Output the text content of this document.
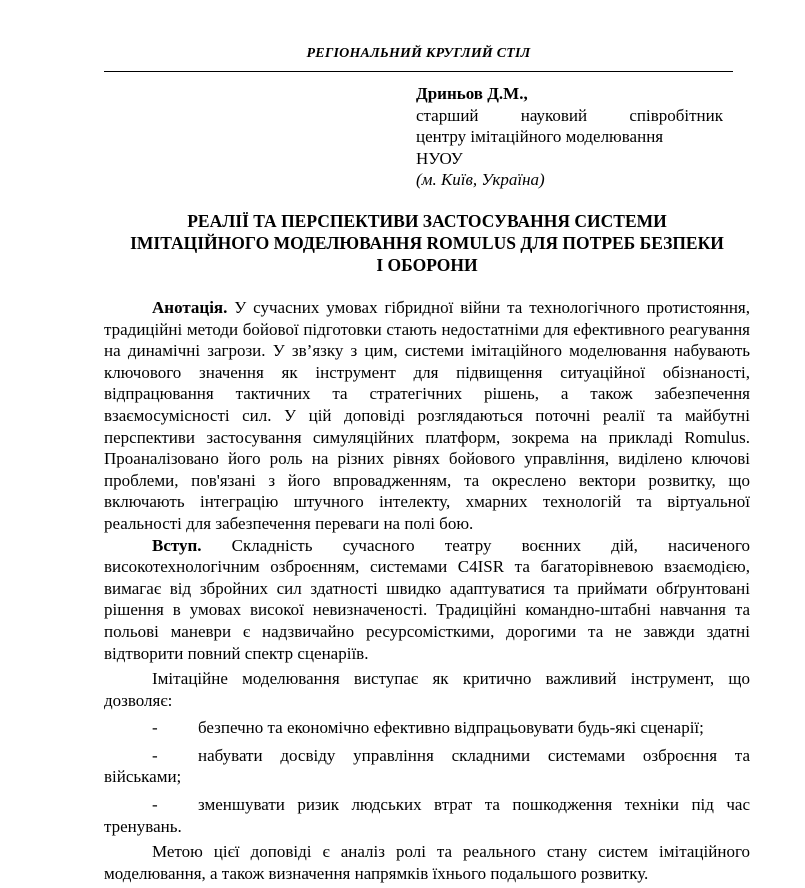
РЕГІОНАЛЬНИЙ КРУГЛИЙ СТІЛ
Дриньов Д.М.,
старший науковий співробітник
центру імітаційного моделювання
НУОУ
(м. Київ, Україна)
РЕАЛІЇ ТА ПЕРСПЕКТИВИ ЗАСТОСУВАННЯ СИСТЕМИ
ІМІТАЦІЙНОГО МОДЕЛЮВАННЯ ROMULUS ДЛЯ ПОТРЕБ БЕЗПЕКИ
І ОБОРОНИ

Анотація. У сучасних умовах гібридної війни та технологічного протистояння, традиційні методи бойової підготовки стають недостатніми для ефективного реагування на динамічні загрози. У зв’язку з цим, системи імітаційного моделювання набувають ключового значення як інструмент для підвищення ситуаційної обізнаності, відпрацювання тактичних та стратегічних рішень, а також забезпечення взаємосумісності сил. У цій доповіді розглядаються поточні реалії та майбутні перспективи застосування симуляційних платформ, зокрема на прикладі Romulus. Проаналізовано його роль на різних рівнях бойового управління, виділено ключові проблеми, пов'язані з його впровадженням, та окреслено вектори розвитку, що включають інтеграцію штучного інтелекту, хмарних технологій та віртуальної реальності для забезпечення переваги на полі бою.

Вступ. Складність сучасного театру воєнних дій, насиченого високотехнологічним озброєнням, системами C4ISR та багаторівневою взаємодією, вимагає від збройних сил здатності швидко адаптуватися та приймати обґрунтовані рішення в умовах високої невизначеності. Традиційні командно-штабні навчання та польові маневри є надзвичайно ресурсомісткими, дорогими та не завжди здатні відтворити повний спектр сценаріїв.

Імітаційне моделювання виступає як критично важливий інструмент, що дозволяє:

- безпечно та економічно ефективно відпрацьовувати будь-які сценарії;

- набувати досвіду управління складними системами озброєння та військами;

- зменшувати ризик людських втрат та пошкодження техніки під час тренувань.

Метою цієї доповіді є аналіз ролі та реального стану систем імітаційного моделювання, а також визначення напрямків їхнього подальшого розвитку.
